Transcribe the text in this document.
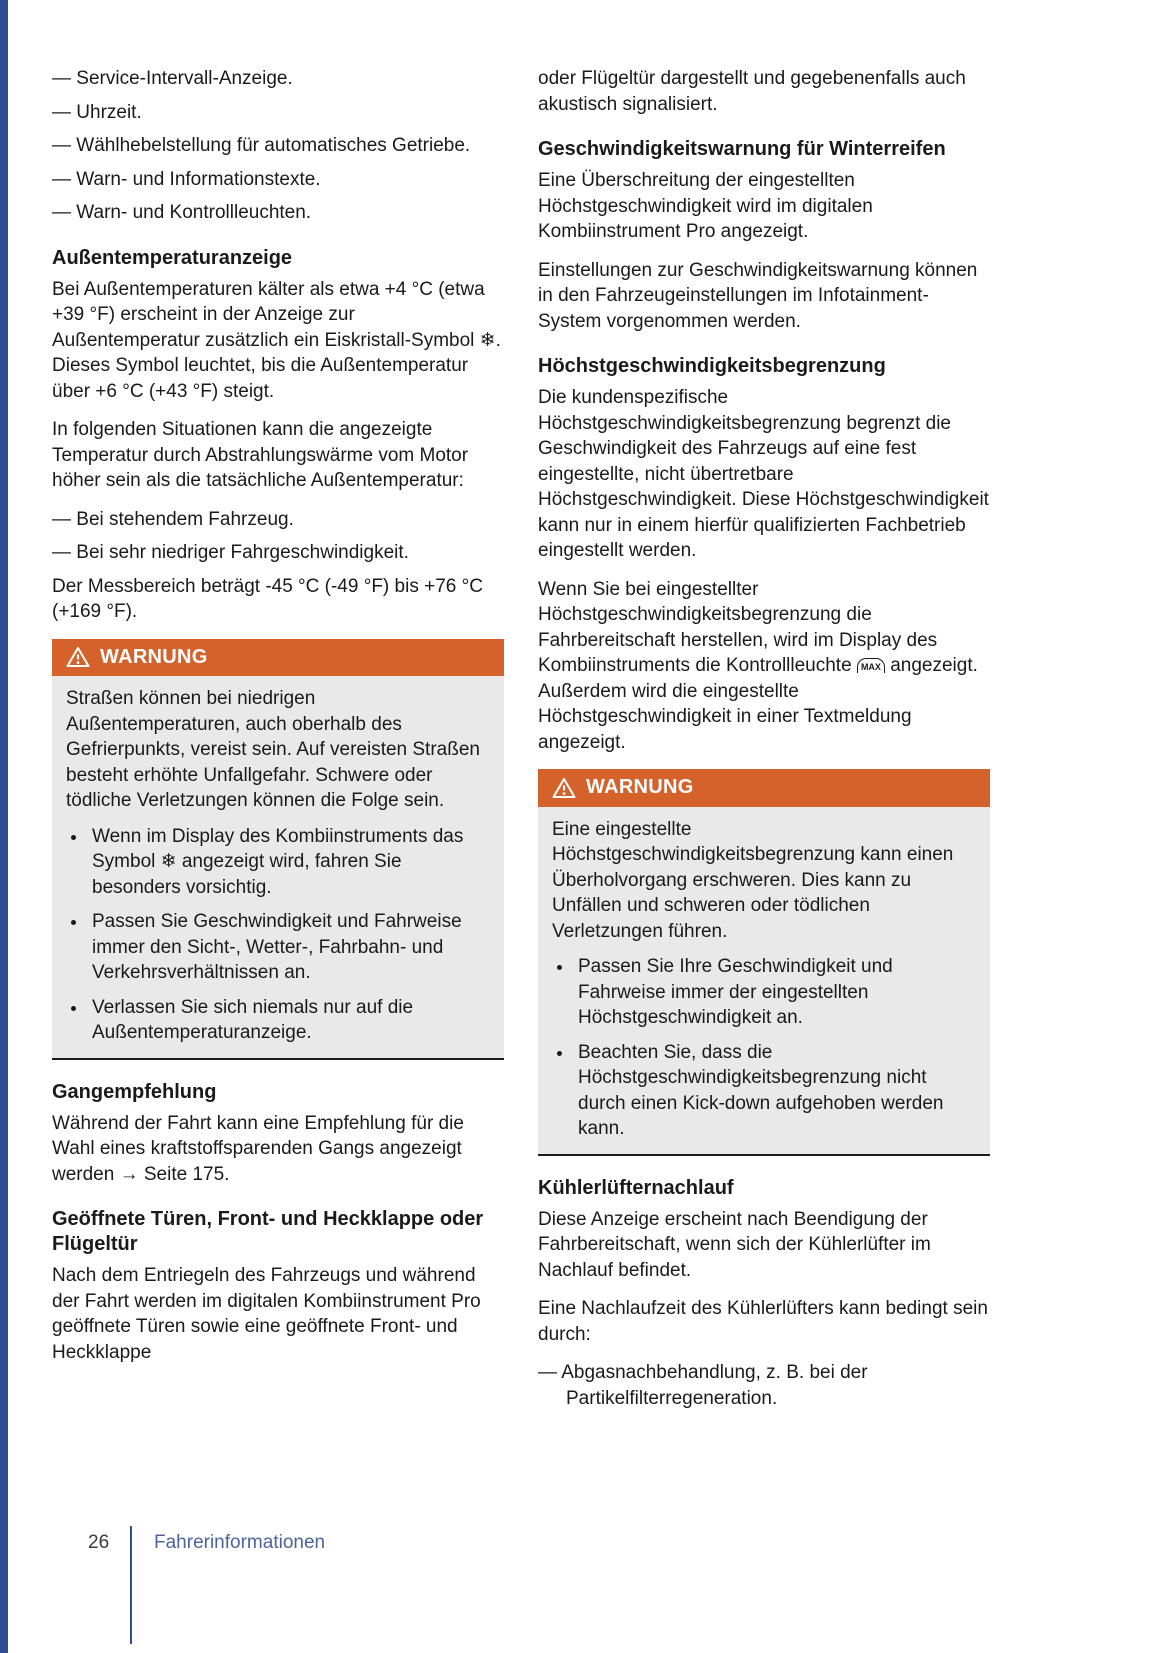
— Service-Intervall-Anzeige.
— Uhrzeit.
— Wählhebelstellung für automatisches Getriebe.
— Warn- und Informationstexte.
— Warn- und Kontrollleuchten.
Außentemperaturanzeige

Bei Außentemperaturen kälter als etwa +4 °C (etwa +39 °F) erscheint in der Anzeige zur Außentemperatur zusätzlich ein Eiskristall-Symbol ❄. Dieses Symbol leuchtet, bis die Außentemperatur über +6 °C (+43 °F) steigt.

In folgenden Situationen kann die angezeigte Temperatur durch Abstrahlungswärme vom Motor höher sein als die tatsächliche Außentemperatur:

— Bei stehendem Fahrzeug.
— Bei sehr niedriger Fahrgeschwindigkeit.

Der Messbereich beträgt -45 °C (-49 °F) bis +76 °C (+169 °F).

WARNUNG

Straßen können bei niedrigen Außentemperaturen, auch oberhalb des Gefrierpunkts, vereist sein. Auf vereisten Straßen besteht erhöhte Unfallgefahr. Schwere oder tödliche Verletzungen können die Folge sein.

• Wenn im Display des Kombiinstruments das Symbol ❄ angezeigt wird, fahren Sie besonders vorsichtig.
• Passen Sie Geschwindigkeit und Fahrweise immer den Sicht-, Wetter-, Fahrbahn- und Verkehrsverhältnissen an.
• Verlassen Sie sich niemals nur auf die Außentemperaturanzeige.
Gangempfehlung

Während der Fahrt kann eine Empfehlung für die Wahl eines kraftstoffsparenden Gangs angezeigt werden → Seite 175.

Geöffnete Türen, Front- und Heckklappe oder Flügeltür

Nach dem Entriegeln des Fahrzeugs und während der Fahrt werden im digitalen Kombiinstrument Pro geöffnete Türen sowie eine geöffnete Front- und Heckklappe

oder Flügeltür dargestellt und gegebenenfalls auch akustisch signalisiert.

Geschwindigkeitswarnung für Winterreifen

Eine Überschreitung der eingestellten Höchstgeschwindigkeit wird im digitalen Kombiinstrument Pro angezeigt.

Einstellungen zur Geschwindigkeitswarnung können in den Fahrzeugeinstellungen im Infotainment-System vorgenommen werden.

Höchstgeschwindigkeitsbegrenzung

Die kundenspezifische Höchstgeschwindigkeitsbegrenzung begrenzt die Geschwindigkeit des Fahrzeugs auf eine fest eingestellte, nicht übertretbare Höchstgeschwindigkeit. Diese Höchstgeschwindigkeit kann nur in einem hierfür qualifizierten Fachbetrieb eingestellt werden.

Wenn Sie bei eingestellter Höchstgeschwindigkeitsbegrenzung die Fahrbereitschaft herstellen, wird im Display des Kombiinstruments die Kontrollleuchte MAX angezeigt. Außerdem wird die eingestellte Höchstgeschwindigkeit in einer Textmeldung angezeigt.

WARNUNG

Eine eingestellte Höchstgeschwindigkeitsbegrenzung kann einen Überholvorgang erschweren. Dies kann zu Unfällen und schweren oder tödlichen Verletzungen führen.

• Passen Sie Ihre Geschwindigkeit und Fahrweise immer der eingestellten Höchstgeschwindigkeit an.
• Beachten Sie, dass die Höchstgeschwindigkeitsbegrenzung nicht durch einen Kick-down aufgehoben werden kann.
Kühlerlüfternachlauf

Diese Anzeige erscheint nach Beendigung der Fahrbereitschaft, wenn sich der Kühlerlüfter im Nachlauf befindet.

Eine Nachlaufzeit des Kühlerlüfters kann bedingt sein durch:

— Abgasnachbehandlung, z. B. bei der Partikelfilterregeneration.
26	Fahrerinformationen
